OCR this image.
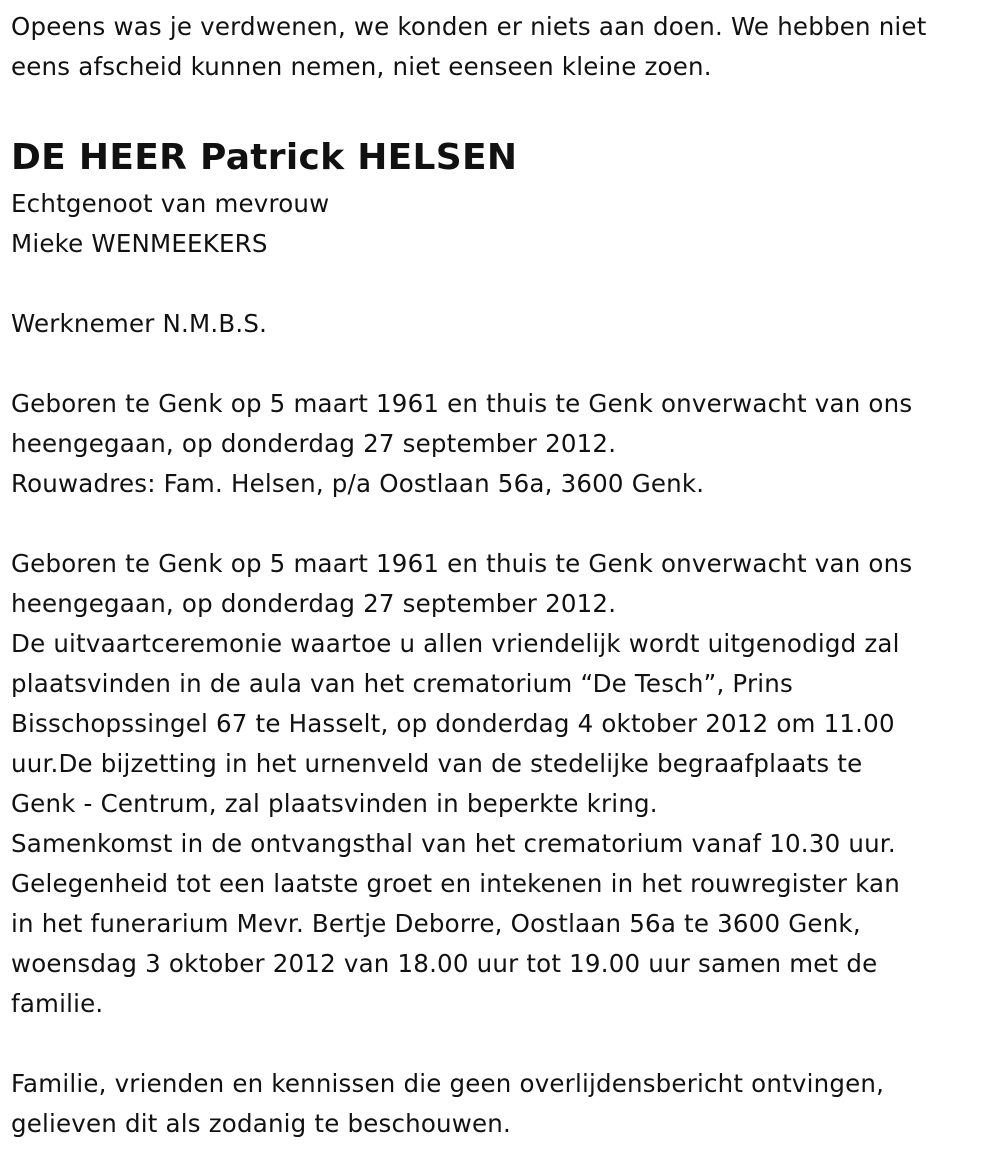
Opeens was je verdwenen, we konden er niets aan doen. We hebben niet
eens afscheid kunnen nemen, niet eenseen kleine zoen.
DE HEER Patrick HELSEN
Echtgenoot van mevrouw
Mieke WENMEEKERS
Werknemer N.M.B.S.
Geboren te Genk op 5 maart 1961 en thuis te Genk onverwacht van ons
heengegaan, op donderdag 27 september 2012.
Rouwadres: Fam. Helsen, p/a Oostlaan 56a, 3600 Genk.
Geboren te Genk op 5 maart 1961 en thuis te Genk onverwacht van ons
heengegaan, op donderdag 27 september 2012.
De uitvaartceremonie waartoe u allen vriendelijk wordt uitgenodigd zal
plaatsvinden in de aula van het crematorium “De Tesch”, Prins
Bisschopssingel 67 te Hasselt, op donderdag 4 oktober 2012 om 11.00
uur.De bijzetting in het urnenveld van de stedelijke begraafplaats te
Genk - Centrum, zal plaatsvinden in beperkte kring.
Samenkomst in de ontvangsthal van het crematorium vanaf 10.30 uur.
Gelegenheid tot een laatste groet en intekenen in het rouwregister kan
in het funerarium Mevr. Bertje Deborre, Oostlaan 56a te 3600 Genk,
woensdag 3 oktober 2012 van 18.00 uur tot 19.00 uur samen met de
familie.
Familie, vrienden en kennissen die geen overlijdensbericht ontvingen,
gelieven dit als zodanig te beschouwen.
